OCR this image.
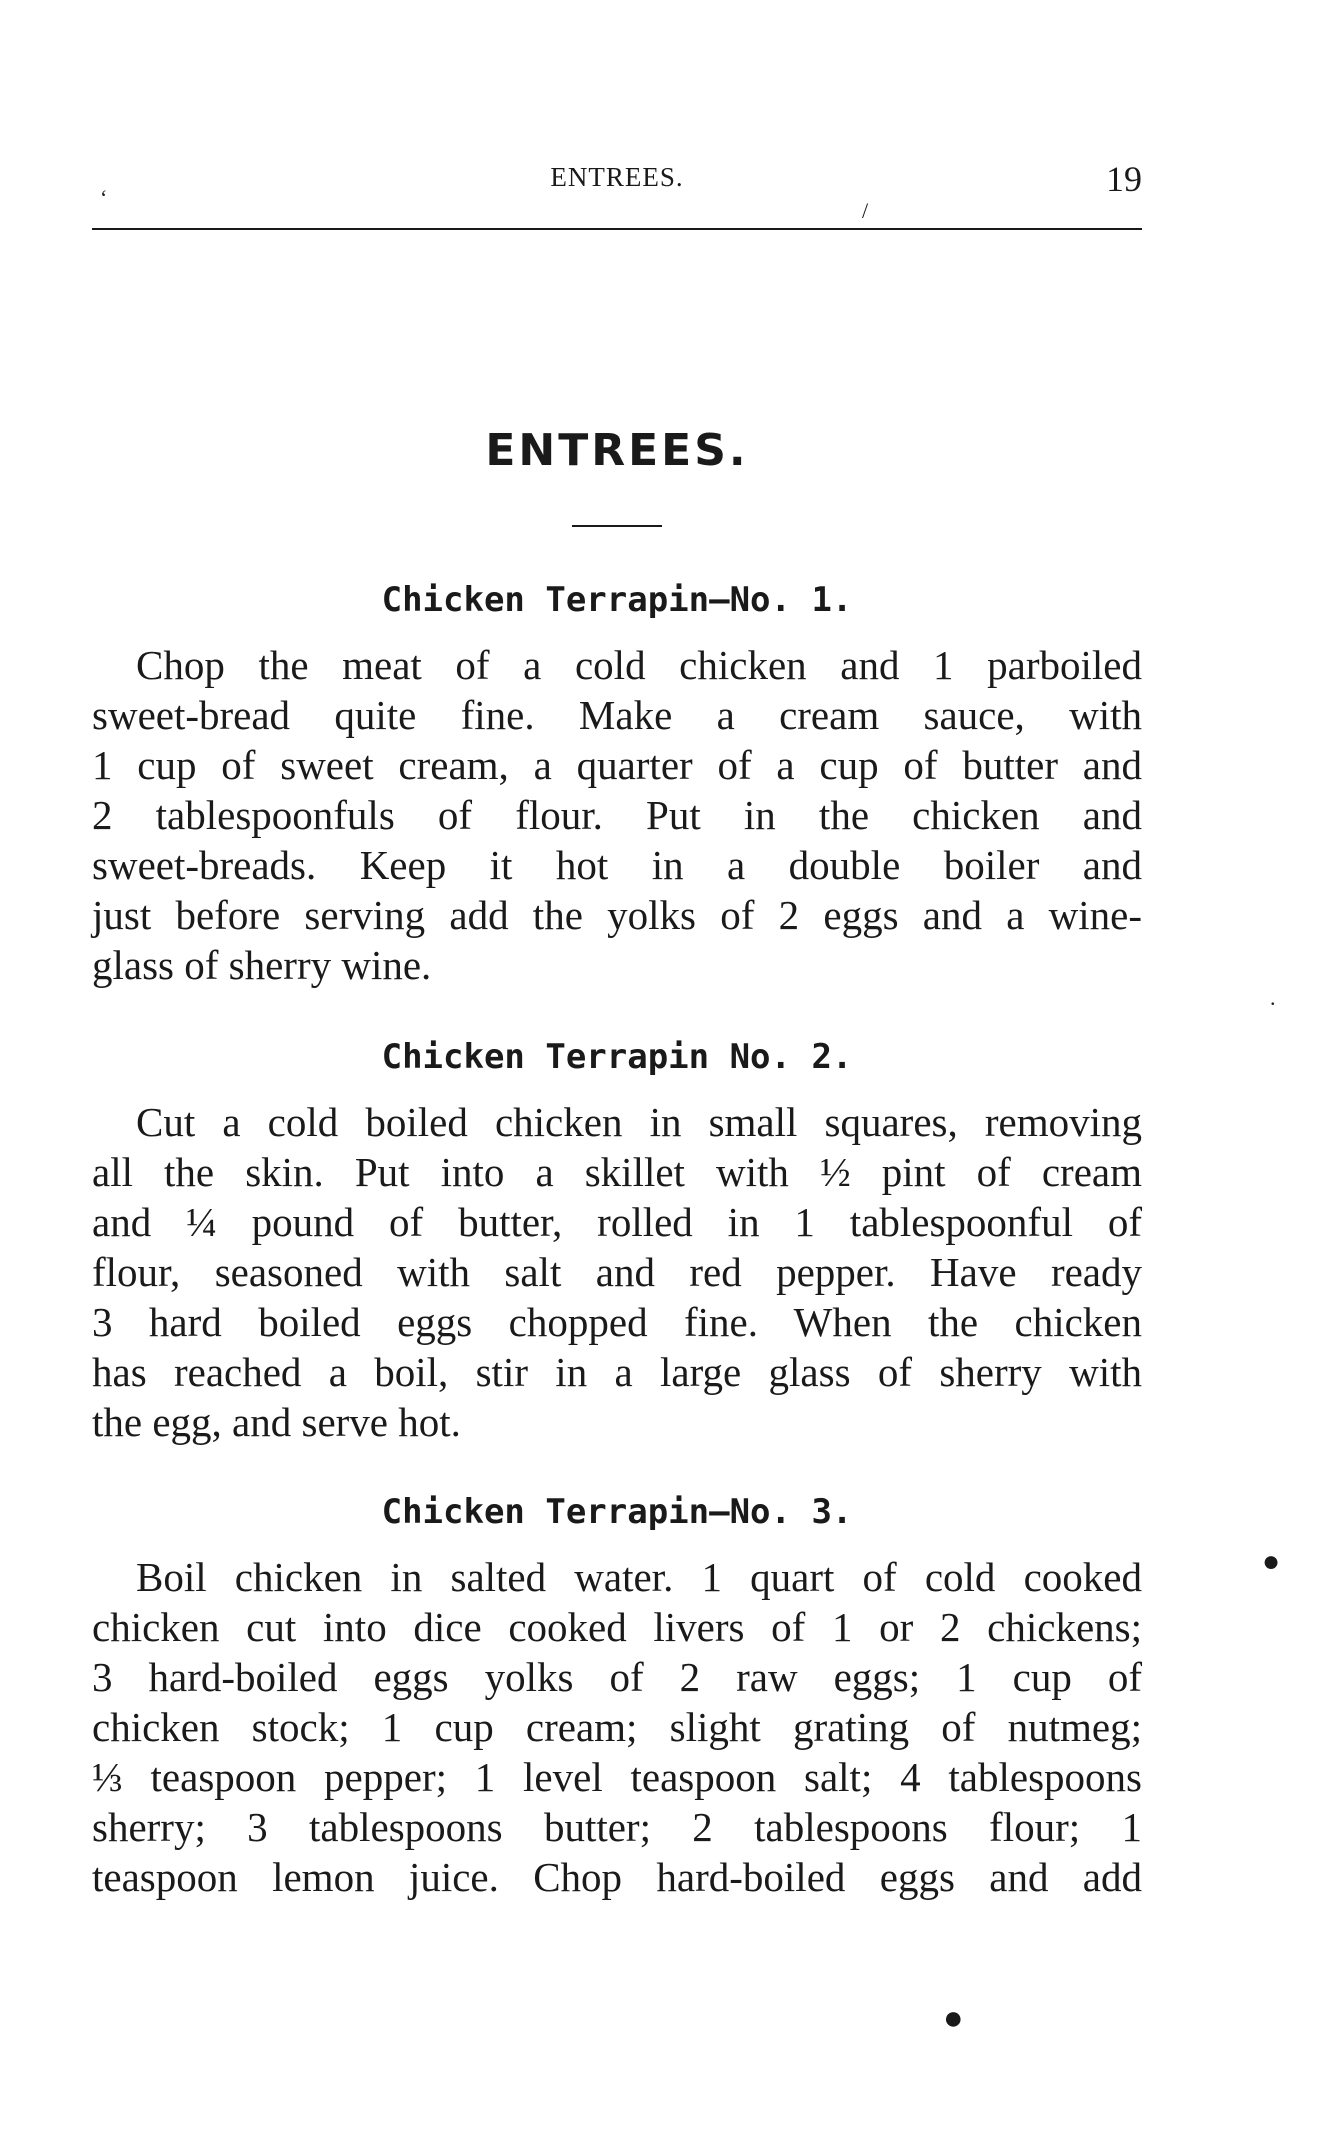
ENTREES.	19
ENTREES.
Chicken Terrapin—No. 1.
Chop the meat of a cold chicken and 1 parboiled
sweet-bread quite fine. Make a cream sauce, with
1 cup of sweet cream, a quarter of a cup of butter and
2 tablespoonfuls of flour. Put in the chicken and
sweet-breads. Keep it hot in a double boiler and
just before serving add the yolks of 2 eggs and a wine-
glass of sherry wine.
Chicken Terrapin No. 2.
Cut a cold boiled chicken in small squares, removing
all the skin. Put into a skillet with ½ pint of cream
and ¼ pound of butter, rolled in 1 tablespoonful of
flour, seasoned with salt and red pepper. Have ready
3 hard boiled eggs chopped fine. When the chicken
has reached a boil, stir in a large glass of sherry with
the egg, and serve hot.
Chicken Terrapin—No. 3.
Boil chicken in salted water. 1 quart of cold cooked
chicken cut into dice cooked livers of 1 or 2 chickens;
3 hard-boiled eggs yolks of 2 raw eggs; 1 cup of
chicken stock; 1 cup cream; slight grating of nutmeg;
⅓ teaspoon pepper; 1 level teaspoon salt; 4 tablespoons
sherry; 3 tablespoons butter; 2 tablespoons flour; 1
teaspoon lemon juice. Chop hard-boiled eggs and add
‘
/
.
●
●
